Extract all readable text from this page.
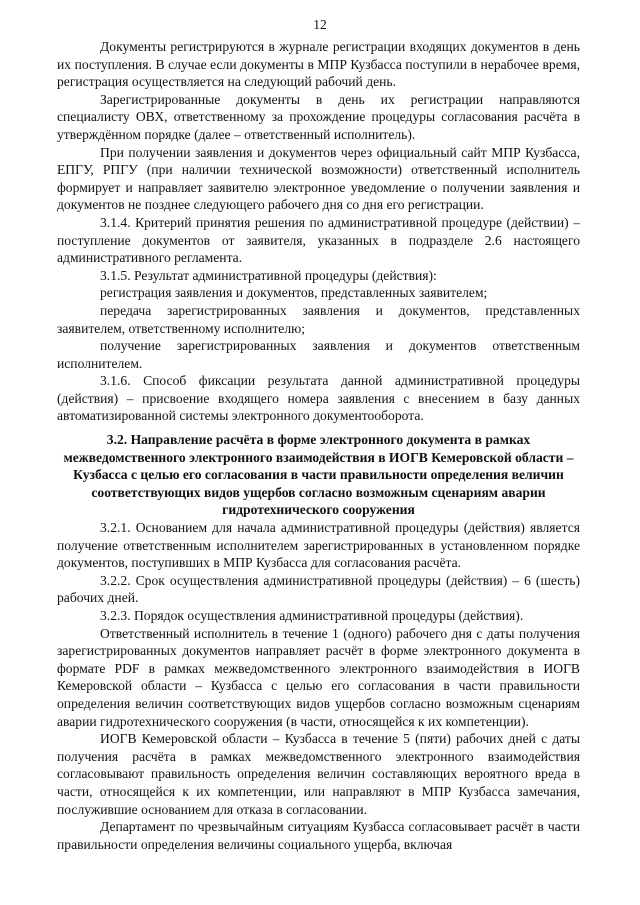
12

Документы регистрируются в журнале регистрации входящих документов в день их поступления. В случае если документы в МПР Кузбасса поступили в нерабочее время, регистрация осуществляется на следующий рабочий день.

Зарегистрированные документы в день их регистрации направляются специалисту ОВХ, ответственному за прохождение процедуры согласования расчёта в утверждённом порядке (далее – ответственный исполнитель).

При получении заявления и документов через официальный сайт МПР Кузбасса, ЕПГУ, РПГУ (при наличии технической возможности) ответственный исполнитель формирует и направляет заявителю электронное уведомление о получении заявления и документов не позднее следующего рабочего дня со дня его регистрации.

3.1.4. Критерий принятия решения по административной процедуре (действии) – поступление документов от заявителя, указанных в подразделе 2.6 настоящего административного регламента.

3.1.5. Результат административной процедуры (действия):

регистрация заявления и документов, представленных заявителем;

передача зарегистрированных заявления и документов, представленных заявителем, ответственному исполнителю;

получение зарегистрированных заявления и документов ответственным исполнителем.

3.1.6. Способ фиксации результата данной административной процедуры (действия) – присвоение входящего номера заявления с внесением в базу данных автоматизированной системы электронного документооборота.

3.2. Направление расчёта в форме электронного документа в рамках межведомственного электронного взаимодействия в ИОГВ Кемеровской области – Кузбасса с целью его согласования в части правильности определения величин соответствующих видов ущербов согласно возможным сценариям аварии гидротехнического сооружения

3.2.1. Основанием для начала административной процедуры (действия) является получение ответственным исполнителем зарегистрированных в установленном порядке документов, поступивших в МПР Кузбасса для согласования расчёта.

3.2.2. Срок осуществления административной процедуры (действия) – 6 (шесть) рабочих дней.

3.2.3. Порядок осуществления административной процедуры (действия).

Ответственный исполнитель в течение 1 (одного) рабочего дня с даты получения зарегистрированных документов направляет расчёт в форме электронного документа в формате PDF в рамках межведомственного электронного взаимодействия в ИОГВ Кемеровской области – Кузбасса с целью его согласования в части правильности определения величин соответствующих видов ущербов согласно возможным сценариям аварии гидротехнического сооружения (в части, относящейся к их компетенции).

ИОГВ Кемеровской области – Кузбасса в течение 5 (пяти) рабочих дней с даты получения расчёта в рамках межведомственного электронного взаимодействия согласовывают правильность определения величин составляющих вероятного вреда в части, относящейся к их компетенции, или направляют в МПР Кузбасса замечания, послужившие основанием для отказа в согласовании.

Департамент по чрезвычайным ситуациям Кузбасса согласовывает расчёт в части правильности определения величины социального ущерба, включая
